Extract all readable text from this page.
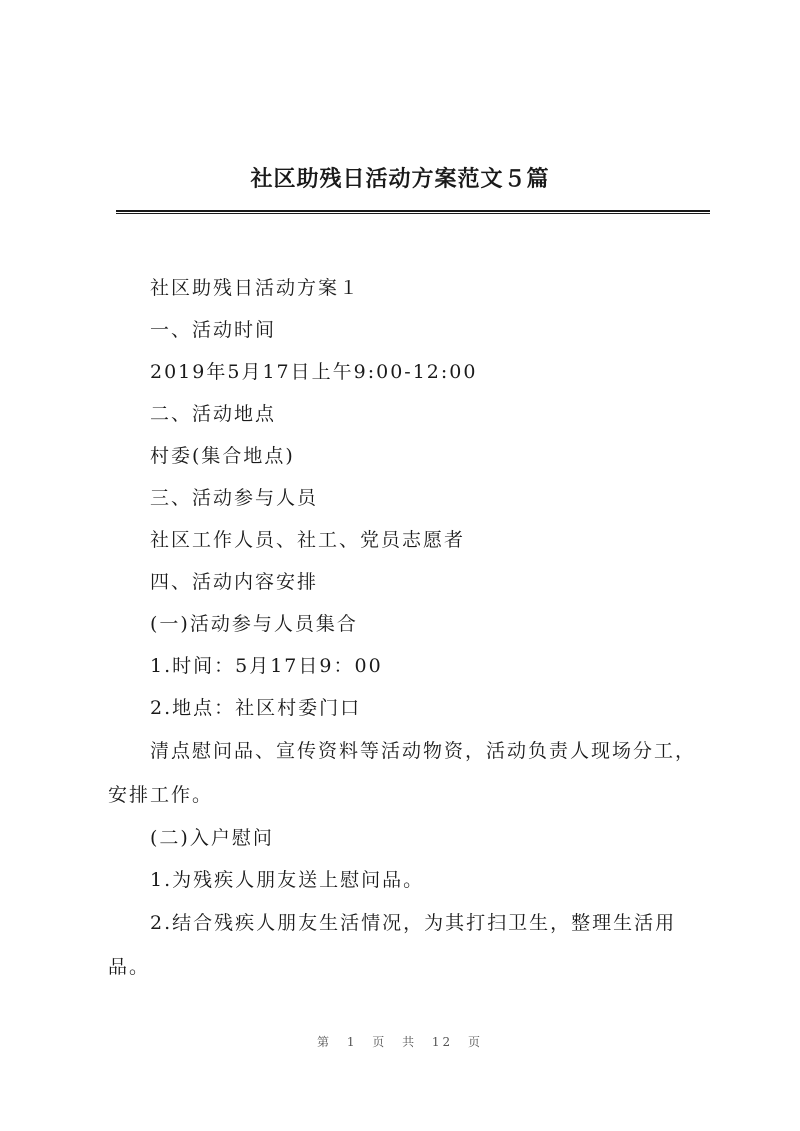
社区助残日活动方案范文５篇

社区助残日活动方案１

一、活动时间

2019年5月17日上午9:00-12:00

二、活动地点

村委(集合地点)

三、活动参与人员

社区工作人员、社工、党员志愿者

四、活动内容安排

(一)活动参与人员集合

1.时间：5月17日9：00

2.地点：社区村委门口

清点慰问品、宣传资料等活动物资，活动负责人现场分工，安排工作。

(二)入户慰问

1.为残疾人朋友送上慰问品。

2.结合残疾人朋友生活情况，为其打扫卫生，整理生活用品。

第 1 页 共 12 页
